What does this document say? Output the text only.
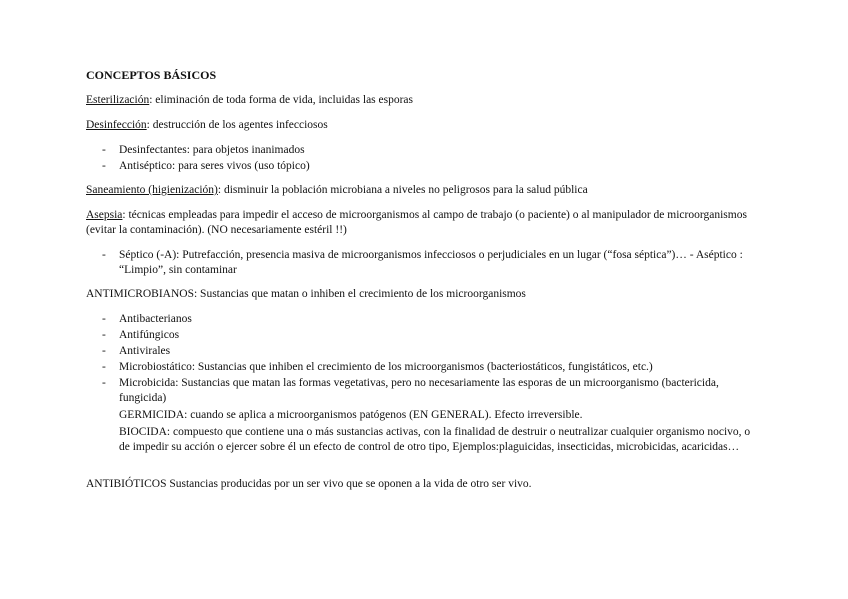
CONCEPTOS BÁSICOS

Esterilización: eliminación de toda forma de vida, incluidas las esporas

Desinfección: destrucción de los agentes infecciosos

- Desinfectantes: para objetos inanimados
- Antiséptico: para seres vivos (uso tópico)

Saneamiento (higienización): disminuir la población microbiana a niveles no peligrosos para la salud pública

Asepsia: técnicas empleadas para impedir el acceso de microorganismos al campo de trabajo (o paciente) o al manipulador de microorganismos (evitar la contaminación). (NO necesariamente estéril !!)

- Séptico (-A): Putrefacción, presencia masiva de microorganismos infecciosos o perjudiciales en un lugar (“fosa séptica”)… - Aséptico : “Limpio”, sin contaminar

ANTIMICROBIANOS: Sustancias que matan o inhiben el crecimiento de los microorganismos

- Antibacterianos
- Antifúngicos
- Antivirales
- Microbiostático: Sustancias que inhiben el crecimiento de los microorganismos (bacteriostáticos, fungistáticos, etc.)
- Microbicida: Sustancias que matan las formas vegetativas, pero no necesariamente las esporas de un microorganismo (bactericida, fungicida)
GERMICIDA: cuando se aplica a microorganismos patógenos (EN GENERAL). Efecto irreversible.
BIOCIDA: compuesto que contiene una o más sustancias activas, con la finalidad de destruir o neutralizar cualquier organismo nocivo, o de impedir su acción o ejercer sobre él un efecto de control de otro tipo, Ejemplos:plaguicidas, insecticidas, microbicidas, acaricidas…

ANTIBIÓTICOS Sustancias producidas por un ser vivo que se oponen a la vida de otro ser vivo.
